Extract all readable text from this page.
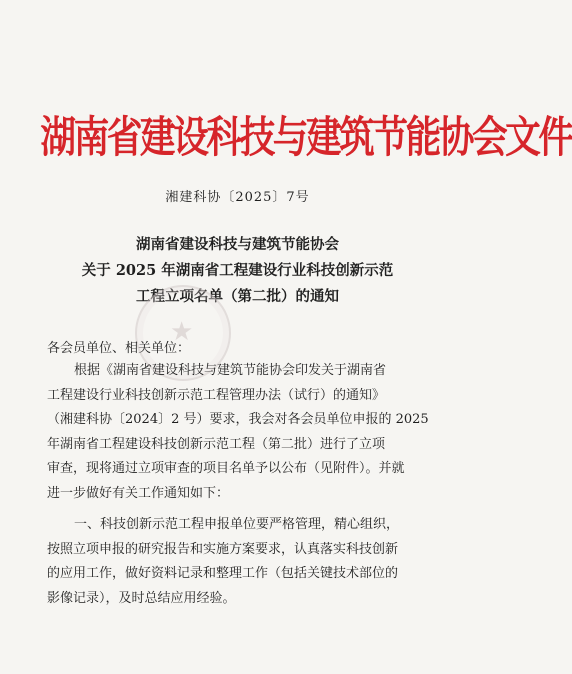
湖南省建设科技与建筑节能协会文件
湘建科协〔2025〕7号
湖南省建设科技与建筑节能协会
关于 2025 年湖南省工程建设行业科技创新示范
工程立项名单（第二批）的通知
★
各会员单位、相关单位：
根据《湖南省建设科技与建筑节能协会印发关于湖南省
工程建设行业科技创新示范工程管理办法（试行）的通知》
（湘建科协〔2024〕2 号）要求，我会对各会员单位申报的 2025
年湖南省工程建设科技创新示范工程（第二批）进行了立项
审查，现将通过立项审查的项目名单予以公布（见附件）。并就
进一步做好有关工作通知如下：
一、科技创新示范工程申报单位要严格管理，精心组织，
按照立项申报的研究报告和实施方案要求，认真落实科技创新
的应用工作，做好资料记录和整理工作（包括关键技术部位的
影像记录），及时总结应用经验。
